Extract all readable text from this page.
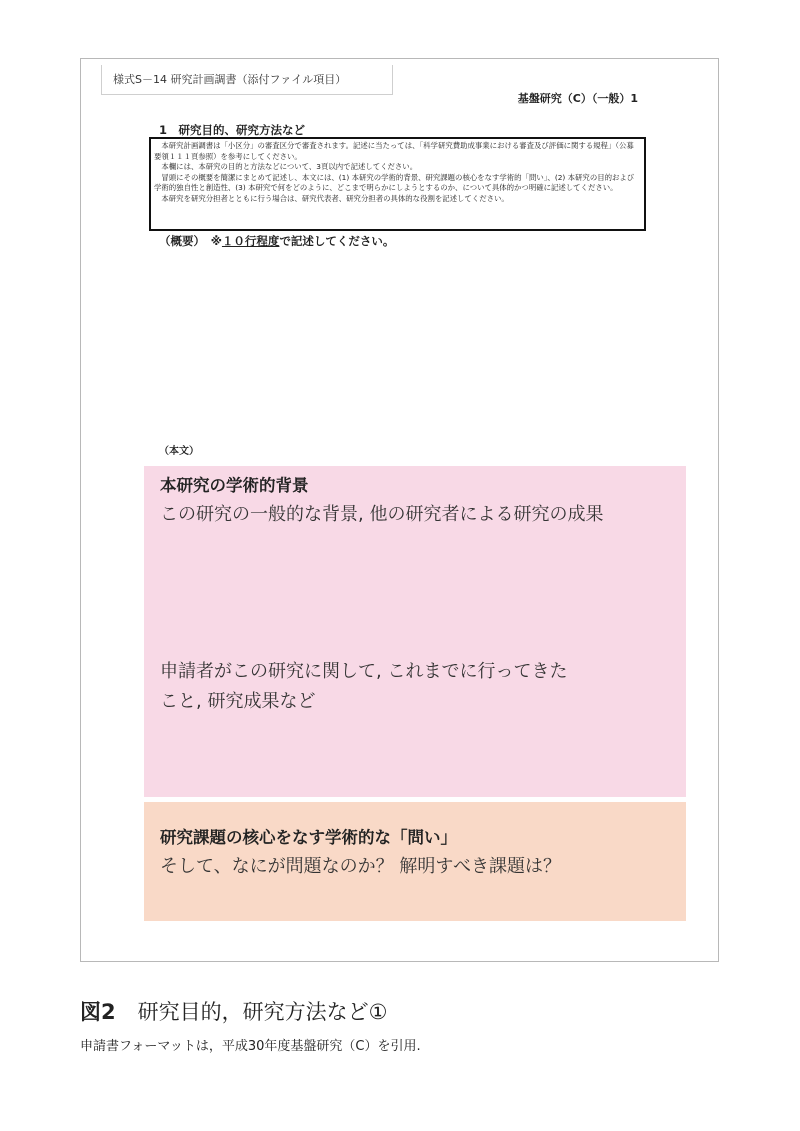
様式S－14 研究計画調書（添付ファイル項目）
基盤研究（C）（一般）1
1　研究目的、研究方法など

　本研究計画調書は「小区分」の審査区分で審査されます。記述に当たっては、「科学研究費助成事業における審査及び評価に関する規程」（公募要領１１１頁参照）を参考にしてください。

　本欄には、本研究の目的と方法などについて、3頁以内で記述してください。

　冒頭にその概要を簡潔にまとめて記述し、本文には、(1) 本研究の学術的背景、研究課題の核心をなす学術的「問い」、(2) 本研究の目的および学術的独自性と創造性、(3) 本研究で何をどのように、どこまで明らかにしようとするのか、について具体的かつ明確に記述してください。

　本研究を研究分担者とともに行う場合は、研究代表者、研究分担者の具体的な役割を記述してください。

（概要）　※１０行程度で記述してください。
（本文）
本研究の学術的背景
この研究の一般的な背景, 他の研究者による研究の成果
申請者がこの研究に関して, これまでに行ってきた
こと, 研究成果など
研究課題の核心をなす学術的な「問い」
そして、なにが問題なのか？ 解明すべき課題は？
図2 研究目的，研究方法など①
申請書フォーマットは，平成30年度基盤研究（C）を引用.
